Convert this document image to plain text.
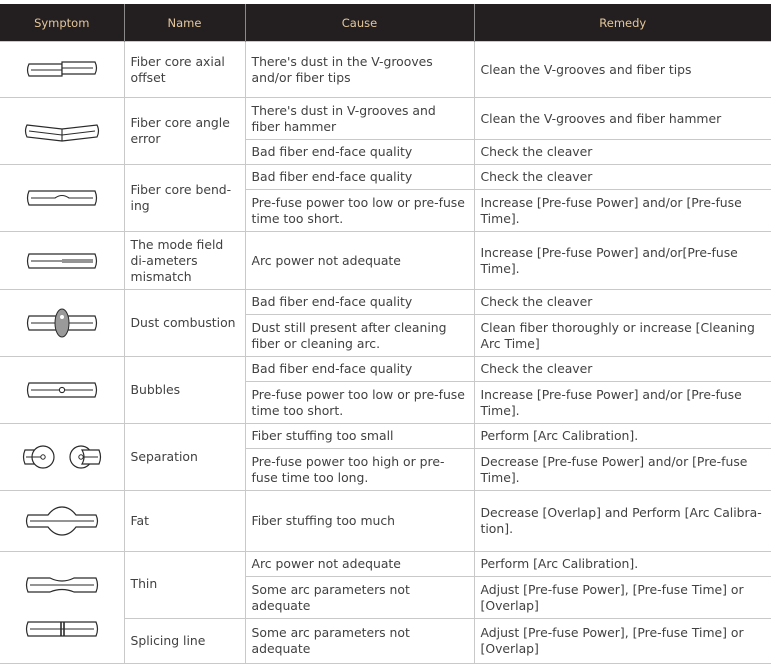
Symptom	Name	Cause	Remedy

	Fiber core axial offset	There's dust in the V-grooves and/or fiber tips	Clean the V-grooves and fiber tips

	Fiber core angle error	There's dust in V-grooves and fiber hammer	Clean the V-grooves and fiber hammer
		Bad fiber end-face quality	Check the cleaver

	Fiber core bend-ing	Bad fiber end-face quality	Check the cleaver
		Pre-fuse power too low or pre-fuse time too short.	Increase [Pre-fuse Power] and/or [Pre-fuse Time].

	The mode field di-ameters mismatch	Arc power not adequate	Increase [Pre-fuse Power] and/or[Pre-fuse Time].

	Dust combustion	Bad fiber end-face quality	Check the cleaver
		Dust still present after cleaning fiber or cleaning arc.	Clean fiber thoroughly or increase [Cleaning Arc Time]

	Bubbles	Bad fiber end-face quality	Check the cleaver
		Pre-fuse power too low or pre-fuse time too short.	Increase [Pre-fuse Power] and/or [Pre-fuse Time].

	Separation	Fiber stuffing too small	Perform [Arc Calibration].
		Pre-fuse power too high or pre-fuse time too long.	Decrease [Pre-fuse Power] and/or [Pre-fuse Time].

	Fat	Fiber stuffing too much	Decrease [Overlap] and Perform [Arc Calibra-tion].

	Thin	Arc power not adequate	Perform [Arc Calibration].
		Some arc parameters not adequate	Adjust [Pre-fuse Power], [Pre-fuse Time] or [Overlap]
	Splicing line	Some arc parameters not adequate	Adjust [Pre-fuse Power], [Pre-fuse Time] or [Overlap]
